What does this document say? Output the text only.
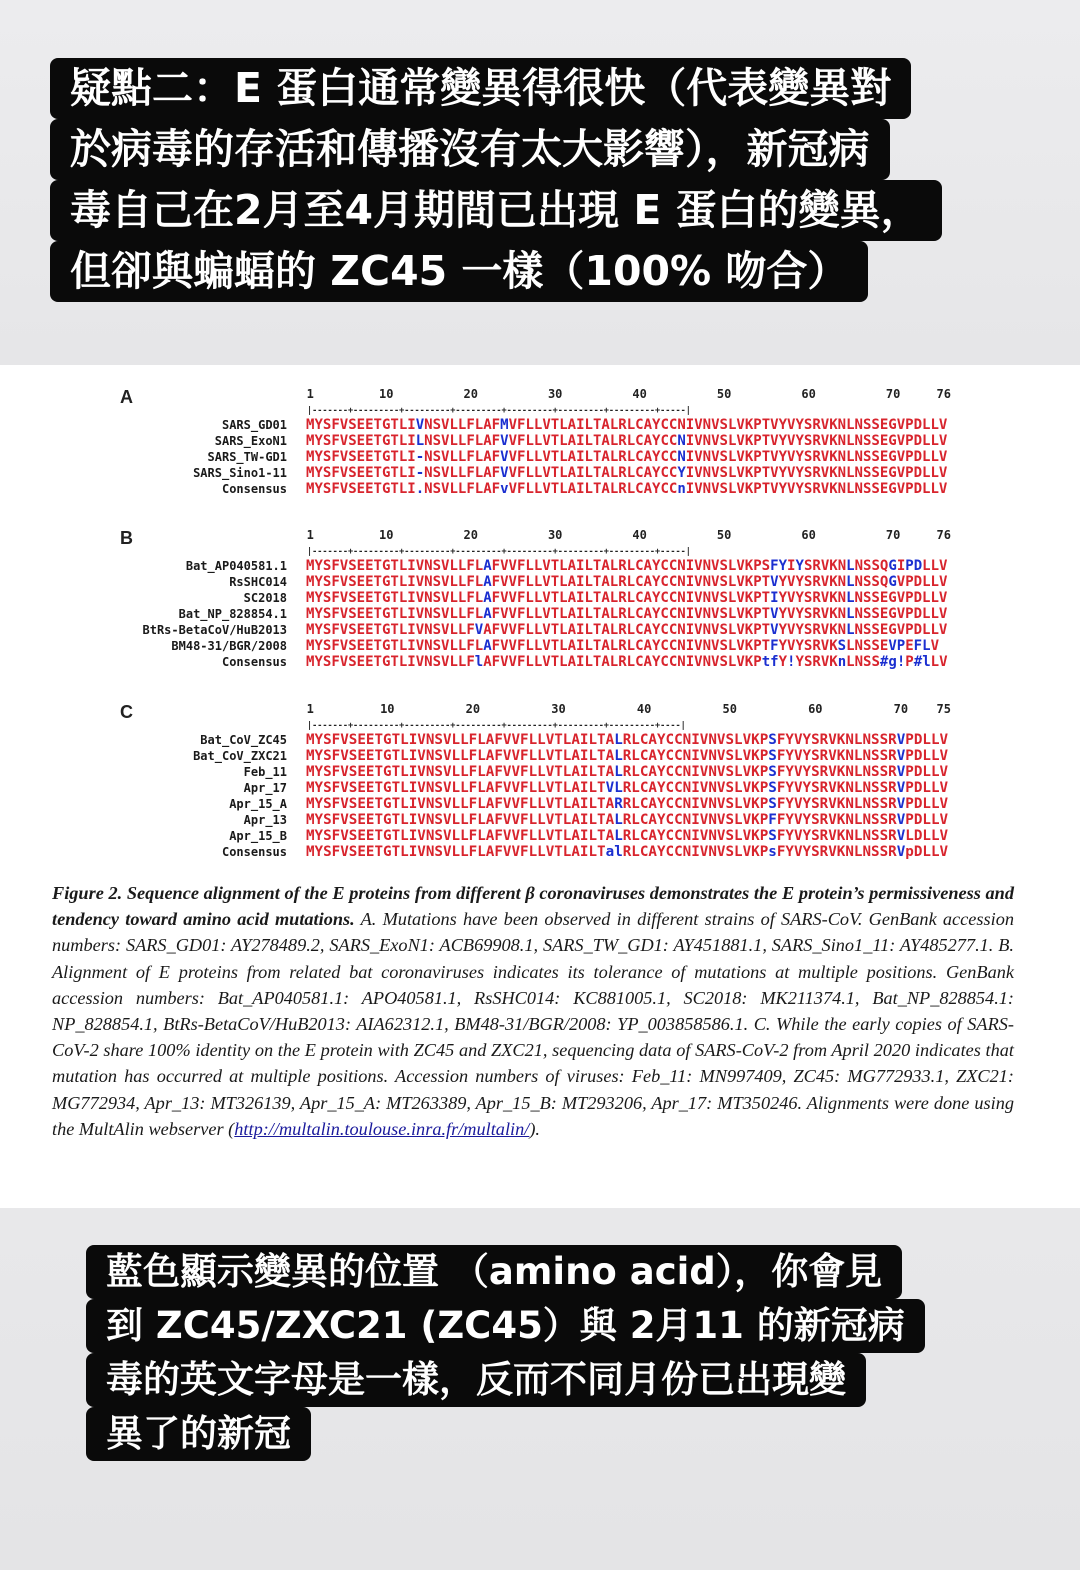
疑點二：E 蛋白通常變異得很快（代表變異對
於病毒的存活和傳播沒有太大影響），新冠病
毒自己在2月至4月期間已出現 E 蛋白的變異，
但卻與蝙蝠的 ZC45 一樣（100% 吻合）
A	1	10	20	30	40	50	60	70	76
|-------+---------+---------+---------+---------+---------+---------+-----|
SARS_GD01 MYSFVSEETGTLIVNSVLLFLAFMVFLLVTLAILTALRLCAYCCNIVNVSLVKPTVYVYSRVKNLNSSEGVPDLLV
SARS_ExoN1 MYSFVSEETGTLILNSVLLFLAFVVFLLVTLAILTALRLCAYCCNIVNVSLVKPTVYVYSRVKNLNSSEGVPDLLV
SARS_TW-GD1 MYSFVSEETGTLI-NSVLLFLAFVVFLLVTLAILTALRLCAYCCNIVNVSLVKPTVYVYSRVKNLNSSEGVPDLLV
SARS_Sino1-11 MYSFVSEETGTLI-NSVLLFLAFVVFLLVTLAILTALRLCAYCCYIVNVSLVKPTVYVYSRVKNLNSSEGVPDLLV
Consensus MYSFVSEETGTLI.NSVLLFLAFvVFLLVTLAILTALRLCAYCCnIVNVSLVKPTVYVYSRVKNLNSSEGVPDLLV
B	1	10	20	30	40	50	60	70	76
|-------+---------+---------+---------+---------+---------+---------+-----|
Bat_AP040581.1 MYSFVSEETGTLIVNSVLLFLAFVVFLLVTLAILTALRLCAYCCNIVNVSLVKPSFYIYSRVKNLNSSQGIPDLLV
RsSHC014 MYSFVSEETGTLIVNSVLLFLAFVVFLLVTLAILTALRLCAYCCNIVNVSLVKPTVYVYSRVKNLNSSQGVPDLLV
SC2018 MYSFVSEETGTLIVNSVLLFLAFVVFLLVTLAILTALRLCAYCCNIVNVSLVKPTIYVYSRVKNLNSSEGVPDLLV
Bat_NP_828854.1 MYSFVSEETGTLIVNSVLLFLAFVVFLLVTLAILTALRLCAYCCNIVNVSLVKPTVYVYSRVKNLNSSEGVPDLLV
BtRs-BetaCoV/HuB2013 MYSFVSEETGTLIVNSVLLFVAFVVFLLVTLAILTALRLCAYCCNIVNVSLVKPTVYVYSRVKNLNSSEGVPDLLV
BM48-31/BGR/2008 MYSFVSEETGTLIVNSVLLFLAFVVFLLVTLAILTALRLCAYCCNIVNVSLVKPTFYVYSRVKSLNSSEVPEFLV
Consensus MYSFVSEETGTLIVNSVLLFlAFVVFLLVTLAILTALRLCAYCCNIVNVSLVKPtfY!YSRVKnLNSS#g!P#lLV
C	1	10	20	30	40	50	60	70 75
|-------+---------+---------+---------+---------+---------+---------+----|
Bat_CoV_ZC45 MYSFVSEETGTLIVNSVLLFLAFVVFLLVTLAILTALRLCAYCCNIVNVSLVKPSFYVYSRVKNLNSSRVPDLLV
Bat_CoV_ZXC21 MYSFVSEETGTLIVNSVLLFLAFVVFLLVTLAILTALRLCAYCCNIVNVSLVKPSFYVYSRVKNLNSSRVPDLLV
Feb_11 MYSFVSEETGTLIVNSVLLFLAFVVFLLVTLAILTALRLCAYCCNIVNVSLVKPSFYVYSRVKNLNSSRVPDLLV
Apr_17 MYSFVSEETGTLIVNSVLLFLAFVVFLLVTLAILTVLRLCAYCCNIVNVSLVKPSFYVYSRVKNLNSSRVPDLLV
Apr_15_A MYSFVSEETGTLIVNSVLLFLAFVVFLLVTLAILTARRLCAYCCNIVNVSLVKPSFYVYSRVKNLNSSRVPDLLV
Apr_13 MYSFVSEETGTLIVNSVLLFLAFVVFLLVTLAILTALRLCAYCCNIVNVSLVKPFFYVYSRVKNLNSSRVPDLLV
Apr_15_B MYSFVSEETGTLIVNSVLLFLAFVVFLLVTLAILTALRLCAYCCNIVNVSLVKPSFYVYSRVKNLNSSRVLDLLV
Consensus MYSFVSEETGTLIVNSVLLFLAFVVFLLVTLAILTalRLCAYCCNIVNVSLVKPsFYVYSRVKNLNSSRVpDLLV
Figure 2. Sequence alignment of the E proteins from different β coronaviruses demonstrates the E protein’s permissiveness and tendency toward amino acid mutations. A. Mutations have been observed in different strains of SARS-CoV. GenBank accession numbers: SARS_GD01: AY278489.2, SARS_ExoN1: ACB69908.1, SARS_TW_GD1: AY451881.1, SARS_Sino1_11: AY485277.1. B. Alignment of E proteins from related bat coronaviruses indicates its tolerance of mutations at multiple positions. GenBank accession numbers: Bat_AP040581.1: APO40581.1, RsSHC014: KC881005.1, SC2018: MK211374.1, Bat_NP_828854.1: NP_828854.1, BtRs-BetaCoV/HuB2013: AIA62312.1, BM48-31/BGR/2008: YP_003858586.1. C. While the early copies of SARS-CoV-2 share 100% identity on the E protein with ZC45 and ZXC21, sequencing data of SARS-CoV-2 from April 2020 indicates that mutation has occurred at multiple positions. Accession numbers of viruses: Feb_11: MN997409, ZC45: MG772933.1, ZXC21: MG772934, Apr_13: MT326139, Apr_15_A: MT263389, Apr_15_B: MT293206, Apr_17: MT350246. Alignments were done using the MultAlin webserver (http://multalin.toulouse.inra.fr/multalin/).
藍色顯示變異的位置 （amino acid），你會見
到 ZC45/ZXC21 (ZC45）與 2月11 的新冠病
毒的英文字母是一樣，反而不同月份已出現變
異了的新冠
